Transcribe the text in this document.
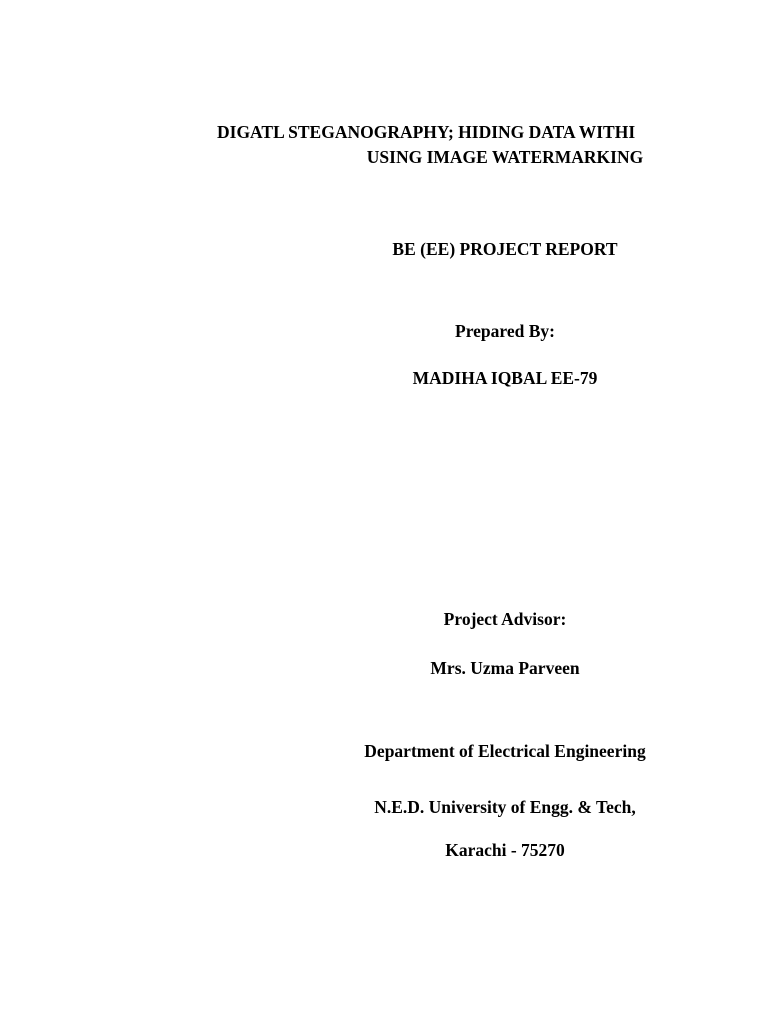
DIGATL STEGANOGRAPHY; HIDING DATA WITHI

USING IMAGE WATERMARKING

BE (EE) PROJECT REPORT

Prepared By:

MADIHA IQBAL EE-79

Project Advisor:

Mrs. Uzma Parveen

Department of Electrical Engineering

N.E.D. University of Engg. & Tech,

Karachi - 75270
